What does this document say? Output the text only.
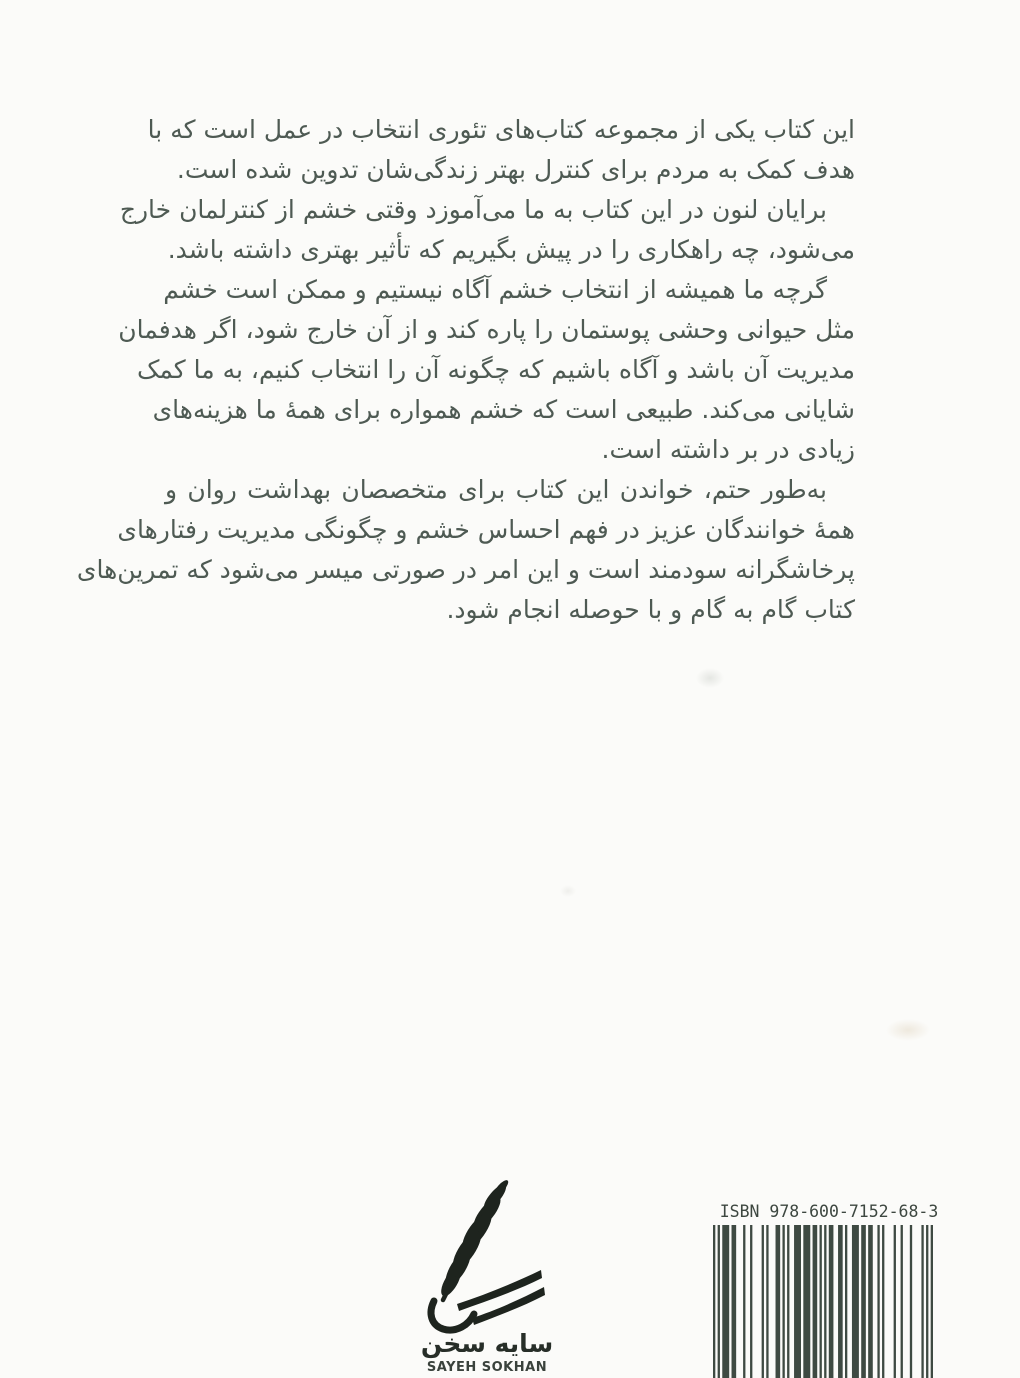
این کتاب یکی از مجموعه کتاب‌های تئوری انتخاب در عمل است که با
هدف کمک به مردم برای کنترل بهتر زندگی‌شان تدوین شده است.
برایان لنون در این کتاب به ما می‌آموزد وقتی خشم از کنترلمان خارج
می‌شود، چه راهکاری را در پیش بگیریم که تأثیر بهتری داشته باشد.
گرچه ما همیشه از انتخاب خشم آگاه نیستیم و ممکن است خشم
مثل حیوانی وحشی پوستمان را پاره کند و از آن خارج شود، اگر هدفمان
مدیریت آن باشد و آگاه باشیم که چگونه آن را انتخاب کنیم، به ما کمک
شایانی می‌کند. طبیعی است که خشم همواره برای همۀ ما هزینه‌های
زیادی در بر داشته است.
به‌طور حتم، خواندن این کتاب برای متخصصان بهداشت روان و
همۀ خوانندگان عزیز در فهم احساس خشم و چگونگی مدیریت رفتارهای
پرخاشگرانه سودمند است و این امر در صورتی میسر می‌شود که تمرین‌های
کتاب گام به گام و با حوصله انجام شود.
سایه سخن
SAYEH SOKHAN
ISBN 978-600-7152-68-3
